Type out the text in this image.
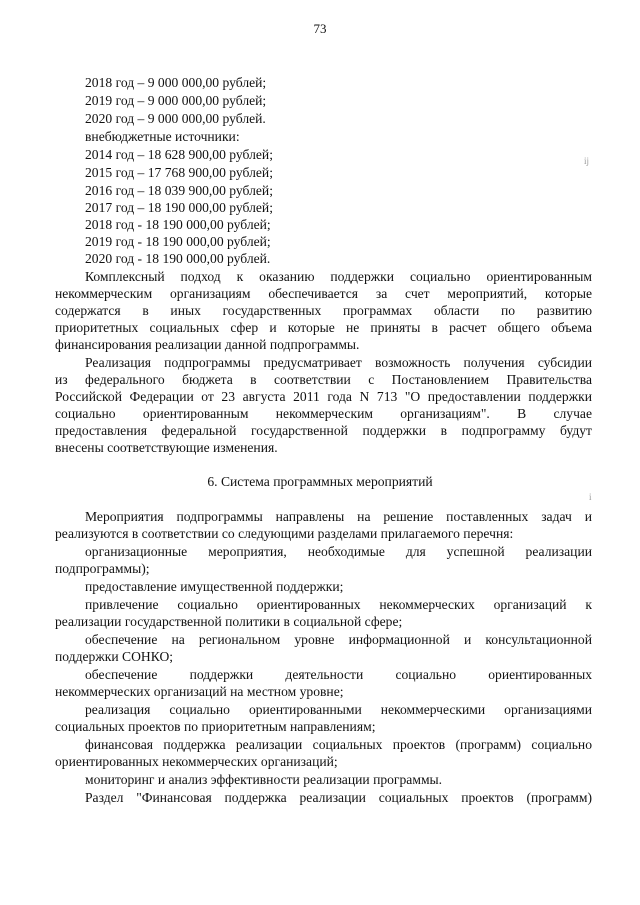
73
2018 год – 9 000 000,00 рублей;
2019 год – 9 000 000,00 рублей;
2020 год – 9 000 000,00 рублей.
внебюджетные источники:
2014 год – 18 628 900,00 рублей;
2015 год – 17 768 900,00 рублей;
2016 год – 18 039 900,00 рублей;
2017 год – 18 190 000,00 рублей;
2018 год - 18 190 000,00 рублей;
2019 год - 18 190 000,00 рублей;
2020 год - 18 190 000,00 рублей.
Комплексный подход к оказанию поддержки социально ориентированным
некоммерческим организациям обеспечивается за счет мероприятий, которые
содержатся в иных государственных программах области по развитию
приоритетных социальных сфер и которые не приняты в расчет общего объема
финансирования реализации данной подпрограммы.
Реализация подпрограммы предусматривает возможность получения субсидии
из федерального бюджета в соответствии с Постановлением Правительства
Российской Федерации от 23 августа 2011 года N 713 "О предоставлении поддержки
социально ориентированным некоммерческим организациям". В случае
предоставления федеральной государственной поддержки в подпрограмму будут
внесены соответствующие изменения.
6. Система программных мероприятий
Мероприятия подпрограммы направлены на решение поставленных задач и
реализуются в соответствии со следующими разделами прилагаемого перечня:
организационные мероприятия, необходимые для успешной реализации
подпрограммы);
предоставление имущественной поддержки;
привлечение социально ориентированных некоммерческих организаций к
реализации государственной политики в социальной сфере;
обеспечение на региональном уровне информационной и консультационной
поддержки СОНКО;
обеспечение поддержки деятельности социально ориентированных
некоммерческих организаций на местном уровне;
реализация социально ориентированными некоммерческими организациями
социальных проектов по приоритетным направлениям;
финансовая поддержка реализации социальных проектов (программ) социально
ориентированных некоммерческих организаций;
мониторинг и анализ эффективности реализации программы.
Раздел "Финансовая поддержка реализации социальных проектов (программ)
ij
i
